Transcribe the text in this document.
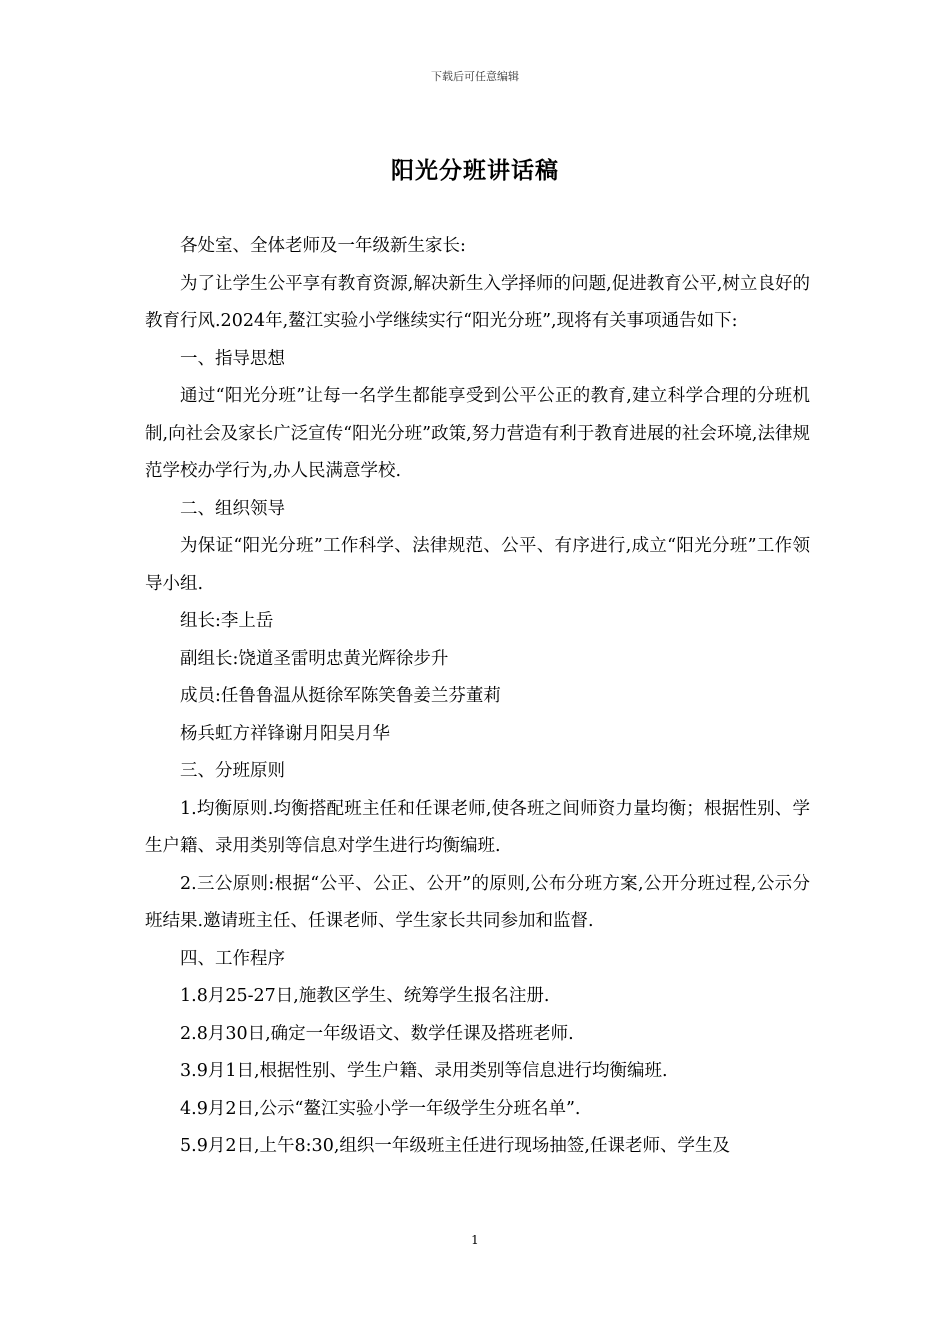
下载后可任意编辑
阳光分班讲话稿

各处室、全体老师及一年级新生家长:

为了让学生公平享有教育资源,解决新生入学择师的问题,促进教育公平,树立良好的教育行风.2024年,鳌江实验小学继续实行“阳光分班”,现将有关事项通告如下:

一、指导思想

通过“阳光分班”让每一名学生都能享受到公平公正的教育,建立科学合理的分班机制,向社会及家长广泛宣传“阳光分班”政策,努力营造有利于教育进展的社会环境,法律规范学校办学行为,办人民满意学校.

二、组织领导

为保证“阳光分班”工作科学、法律规范、公平、有序进行,成立“阳光分班”工作领导小组.

组长:李上岳

副组长:饶道圣雷明忠黄光辉徐步升

成员:任鲁鲁温从挺徐军陈笑鲁姜兰芬董莉

杨兵虹方祥锋谢月阳吴月华

三、分班原则

1.均衡原则.均衡搭配班主任和任课老师,使各班之间师资力量均衡；根据性别、学生户籍、录用类别等信息对学生进行均衡编班.

2.三公原则:根据“公平、公正、公开”的原则,公布分班方案,公开分班过程,公示分班结果.邀请班主任、任课老师、学生家长共同参加和监督.

四、工作程序

1.8月25-27日,施教区学生、统筹学生报名注册.

2.8月30日,确定一年级语文、数学任课及搭班老师.

3.9月1日,根据性别、学生户籍、录用类别等信息进行均衡编班.

4.9月2日,公示“鳌江实验小学一年级学生分班名单”.

5.9月2日,上午8:30,组织一年级班主任进行现场抽签,任课老师、学生及

1
